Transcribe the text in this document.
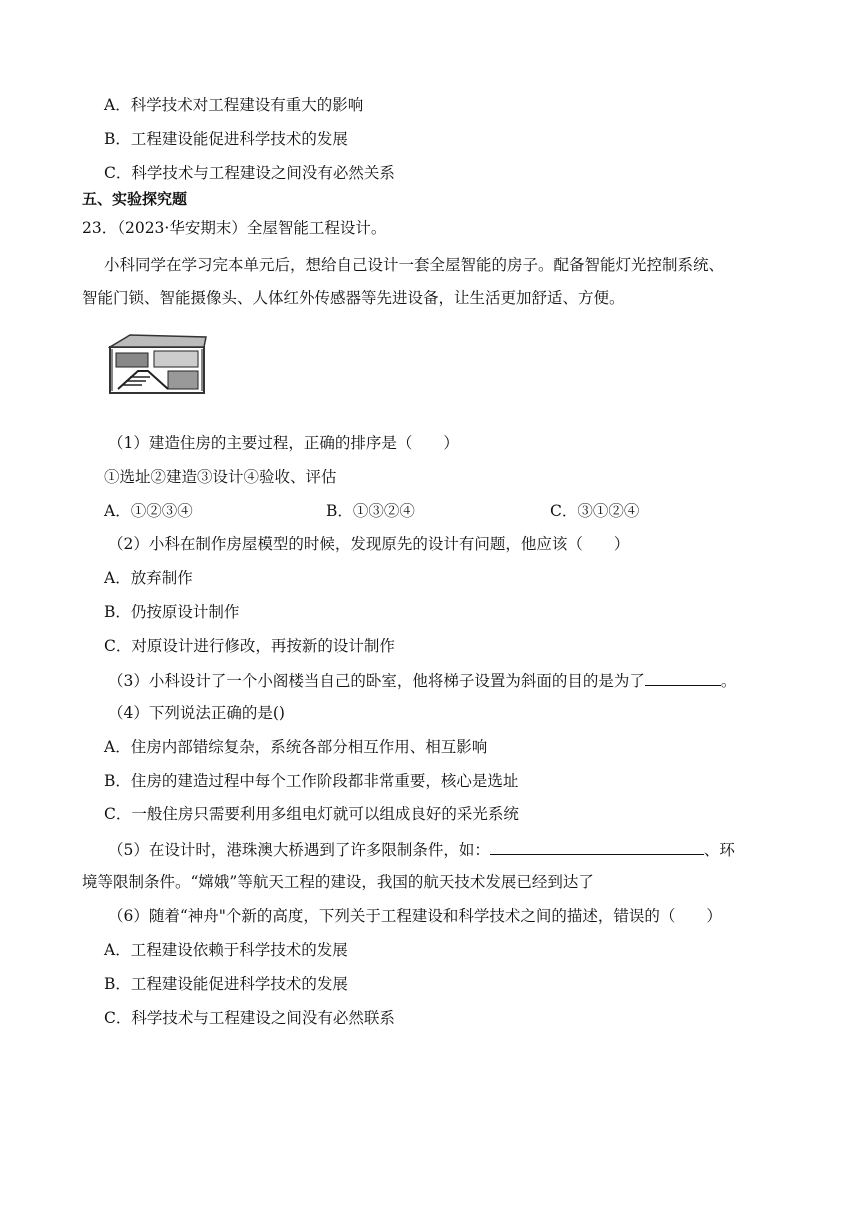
A．科学技术对工程建设有重大的影响
B．工程建设能促进科学技术的发展
C．科学技术与工程建设之间没有必然关系
五、实验探究题
23．（2023·华安期末）全屋智能工程设计。
小科同学在学习完本单元后，想给自己设计一套全屋智能的房子。配备智能灯光控制系统、
智能门锁、智能摄像头、人体红外传感器等先进设备，让生活更加舒适、方便。
（1）建造住房的主要过程，正确的排序是（　　）
①选址②建造③设计④验收、评估
A．①②③④	B．①③②④	C．③①②④
（2）小科在制作房屋模型的时候，发现原先的设计有问题，他应该（　　）
A．放弃制作
B．仍按原设计制作
C．对原设计进行修改，再按新的设计制作
（3）小科设计了一个小阁楼当自己的卧室，他将梯子设置为斜面的目的是为了	。
（4）下列说法正确的是()
A．住房内部错综复杂，系统各部分相互作用、相互影响
B．住房的建造过程中每个工作阶段都非常重要，核心是选址
C．一般住房只需要利用多组电灯就可以组成良好的采光系统
（5）在设计时，港珠澳大桥遇到了许多限制条件，如：	、环
境等限制条件。“嫦娥”等航天工程的建设，我国的航天技术发展已经到达了
（6）随着“神舟"个新的高度，下列关于工程建设和科学技术之间的描述，错误的（　　）
A．工程建设依赖于科学技术的发展
B．工程建设能促进科学技术的发展
C．科学技术与工程建设之间没有必然联系
